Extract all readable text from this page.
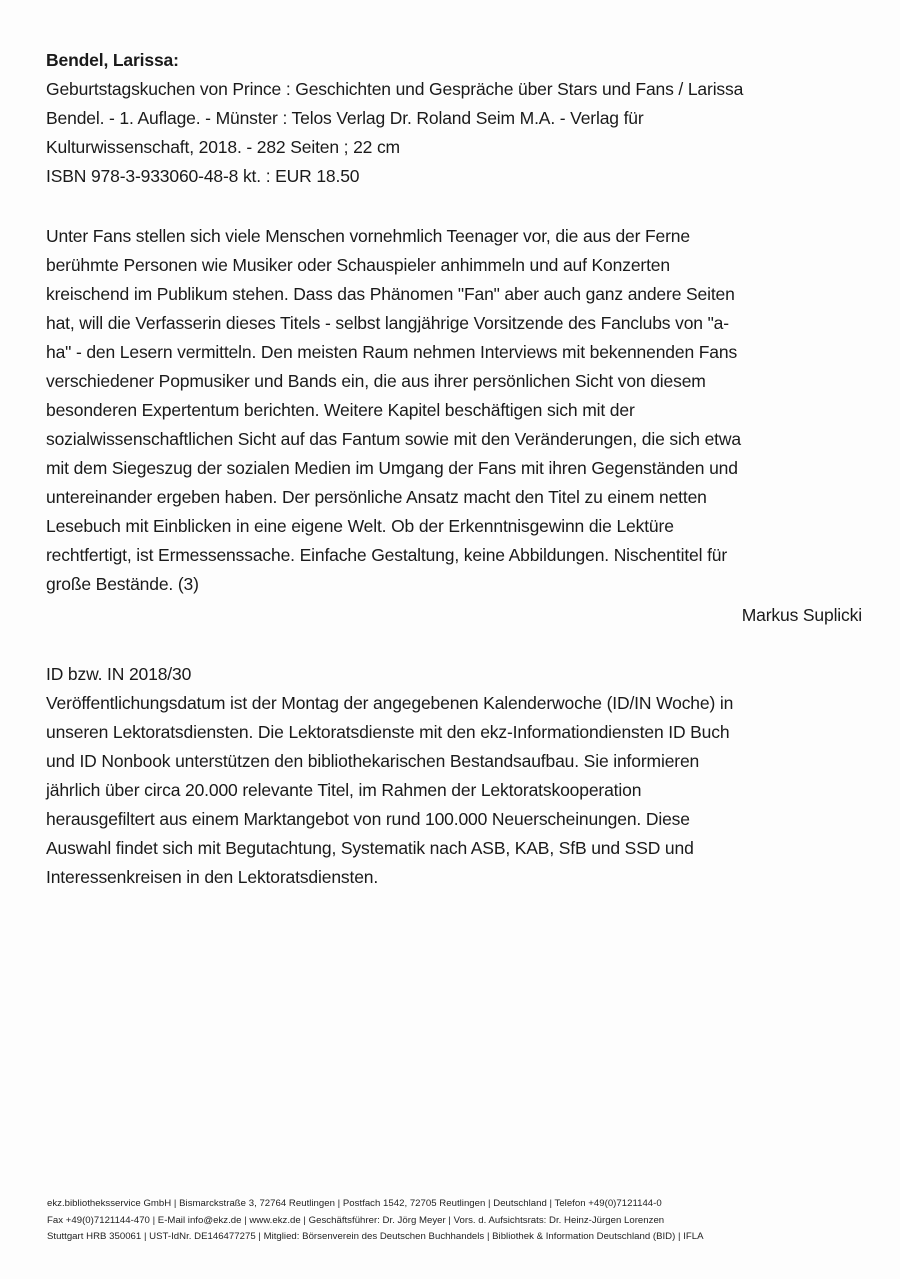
Bendel, Larissa:
Geburtstagskuchen von Prince : Geschichten und Gespräche über Stars und Fans / Larissa
Bendel. - 1. Auflage. - Münster : Telos Verlag Dr. Roland Seim M.A. - Verlag für
Kulturwissenschaft, 2018. - 282 Seiten ; 22 cm
ISBN 978-3-933060-48-8 kt. : EUR 18.50
Unter Fans stellen sich viele Menschen vornehmlich Teenager vor, die aus der Ferne
berühmte Personen wie Musiker oder Schauspieler anhimmeln und auf Konzerten
kreischend im Publikum stehen. Dass das Phänomen "Fan" aber auch ganz andere Seiten
hat, will die Verfasserin dieses Titels - selbst langjährige Vorsitzende des Fanclubs von "a-
ha" - den Lesern vermitteln. Den meisten Raum nehmen Interviews mit bekennenden Fans
verschiedener Popmusiker und Bands ein, die aus ihrer persönlichen Sicht von diesem
besonderen Expertentum berichten. Weitere Kapitel beschäftigen sich mit der
sozialwissenschaftlichen Sicht auf das Fantum sowie mit den Veränderungen, die sich etwa
mit dem Siegeszug der sozialen Medien im Umgang der Fans mit ihren Gegenständen und
untereinander ergeben haben. Der persönliche Ansatz macht den Titel zu einem netten
Lesebuch mit Einblicken in eine eigene Welt. Ob der Erkenntnisgewinn die Lektüre
rechtfertigt, ist Ermessenssache. Einfache Gestaltung, keine Abbildungen. Nischentitel für
große Bestände. (3)
Markus Suplicki
ID bzw. IN 2018/30
Veröffentlichungsdatum ist der Montag der angegebenen Kalenderwoche (ID/IN Woche) in
unseren Lektoratsdiensten. Die Lektoratsdienste mit den ekz-Informationdiensten ID Buch
und ID Nonbook unterstützen den bibliothekarischen Bestandsaufbau. Sie informieren
jährlich über circa 20.000 relevante Titel, im Rahmen der Lektoratskooperation
herausgefiltert aus einem Marktangebot von rund 100.000 Neuerscheinungen. Diese
Auswahl findet sich mit Begutachtung, Systematik nach ASB, KAB, SfB und SSD und
Interessenkreisen in den Lektoratsdiensten.
ekz.bibliotheksservice GmbH | Bismarckstraße 3, 72764 Reutlingen | Postfach 1542, 72705 Reutlingen | Deutschland | Telefon +49(0)7121144-0
Fax +49(0)7121144-470 | E-Mail info@ekz.de | www.ekz.de | Geschäftsführer: Dr. Jörg Meyer | Vors. d. Aufsichtsrats: Dr. Heinz-Jürgen Lorenzen
Stuttgart HRB 350061 | UST-IdNr. DE146477275 | Mitglied: Börsenverein des Deutschen Buchhandels | Bibliothek & Information Deutschland (BID) | IFLA
